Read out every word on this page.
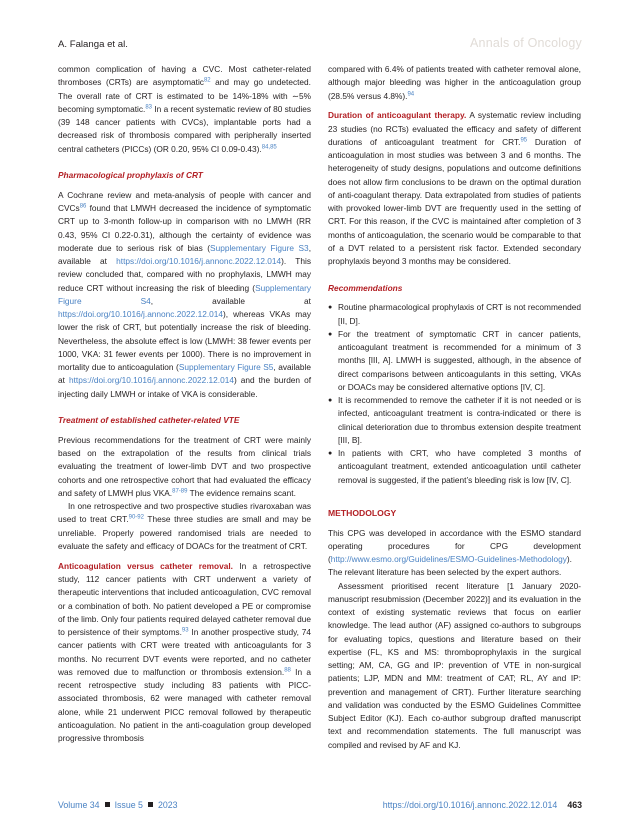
A. Falanga et al.	Annals of Oncology

common complication of having a CVC. Most catheter-related thromboses (CRTs) are asymptomatic$^{82}$ and may go undetected. The overall rate of CRT is estimated to be 14%-18% with ∼5% becoming symptomatic.$^{83}$ In a recent systematic review of 80 studies (39 148 cancer patients with CVCs), implantable ports had a decreased risk of thrombosis compared with peripherally inserted central catheters (PICCs) (OR 0.20, 95% CI 0.09-0.43).$^{84,85}$

Pharmacological prophylaxis of CRT

A Cochrane review and meta-analysis of people with cancer and CVCs$^{86}$ found that LMWH decreased the incidence of symptomatic CRT up to 3-month follow-up in comparison with no LMWH (RR 0.43, 95% CI 0.22-0.31), although the certainty of evidence was moderate due to serious risk of bias (Supplementary Figure S3, available at https://doi.org/10.1016/j.annonc.2022.12.014). This review concluded that, compared with no prophylaxis, LMWH may reduce CRT without increasing the risk of bleeding (Supplementary Figure S4, available at https://doi.org/10.1016/j.annonc.2022.12.014), whereas VKAs may lower the risk of CRT, but potentially increase the risk of bleeding. Nevertheless, the absolute effect is low (LMWH: 38 fewer events per 1000, VKA: 31 fewer events per 1000). There is no improvement in mortality due to anticoagulation (Supplementary Figure S5, available at https://doi.org/10.1016/j.annonc.2022.12.014) and the burden of injecting daily LMWH or intake of VKA is considerable.

Treatment of established catheter-related VTE

Previous recommendations for the treatment of CRT were mainly based on the extrapolation of the results from clinical trials evaluating the treatment of lower-limb DVT and two prospective cohorts and one retrospective cohort that had evaluated the efficacy and safety of LMWH plus VKA.$^{87-89}$ The evidence remains scant.

In one retrospective and two prospective studies rivaroxaban was used to treat CRT.$^{90-92}$ These three studies are small and may be unreliable. Properly powered randomised trials are needed to evaluate the safety and efficacy of DOACs for the treatment of CRT.

Anticoagulation versus catheter removal. In a retrospective study, 112 cancer patients with CRT underwent a variety of therapeutic interventions that included anticoagulation, CVC removal or a combination of both. No patient developed a PE or compromise of the limb. Only four patients required delayed catheter removal due to persistence of their symptoms.$^{93}$ In another prospective study, 74 cancer patients with CRT were treated with anticoagulants for 3 months. No recurrent DVT events were reported, and no catheter was removed due to malfunction or thrombosis extension.$^{88}$ In a recent retrospective study including 83 patients with PICC-associated thrombosis, 62 were managed with catheter removal alone, while 21 underwent PICC removal followed by therapeutic anticoagulation. No patient in the anti-coagulation group developed progressive thrombosis

compared with 6.4% of patients treated with catheter removal alone, although major bleeding was higher in the anticoagulation group (28.5% versus 4.8%).$^{94}$

Duration of anticoagulant therapy. A systematic review including 23 studies (no RCTs) evaluated the efficacy and safety of different durations of anticoagulant treatment for CRT.$^{95}$ Duration of anticoagulation in most studies was between 3 and 6 months. The heterogeneity of study designs, populations and outcome definitions does not allow firm conclusions to be drawn on the optimal duration of anti-coagulant therapy. Data extrapolated from studies of patients with provoked lower-limb DVT are frequently used in the setting of CRT. For this reason, if the CVC is maintained after completion of 3 months of anticoagulation, the scenario would be comparable to that of a DVT related to a persistent risk factor. Extended secondary prophylaxis beyond 3 months may be considered.

Recommendations

● Routine pharmacological prophylaxis of CRT is not recommended [II, D].
● For the treatment of symptomatic CRT in cancer patients, anticoagulant treatment is recommended for a minimum of 3 months [III, A]. LMWH is suggested, although, in the absence of direct comparisons between anticoagulants in this setting, VKAs or DOACs may be considered alternative options [IV, C].
● It is recommended to remove the catheter if it is not needed or is infected, anticoagulant treatment is contra-indicated or there is clinical deterioration due to thrombus extension despite treatment [III, B].
● In patients with CRT, who have completed 3 months of anticoagulant treatment, extended anticoagulation until catheter removal is suggested, if the patient’s bleeding risk is low [IV, C].

METHODOLOGY

This CPG was developed in accordance with the ESMO standard operating procedures for CPG development (http://www.esmo.org/Guidelines/ESMO-Guidelines-Methodology). The relevant literature has been selected by the expert authors.

Assessment prioritised recent literature [1 January 2020-manuscript resubmission (December 2022)] and its evaluation in the context of existing systematic reviews that focus on earlier knowledge. The lead author (AF) assigned co-authors to subgroups for evaluating topics, questions and literature based on their expertise (FL, KS and MS: thromboprophylaxis in the surgical setting; AM, CA, GG and IP: prevention of VTE in non-surgical patients; LJP, MDN and MM: treatment of CAT; RL, AY and IP: prevention and management of CRT). Further literature searching and validation was conducted by the ESMO Guidelines Committee Subject Editor (KJ). Each co-author subgroup drafted manuscript text and recommendation statements. The full manuscript was compiled and revised by AF and KJ.

Volume 34 Issue 5 2023	https://doi.org/10.1016/j.annonc.2022.12.014 463
